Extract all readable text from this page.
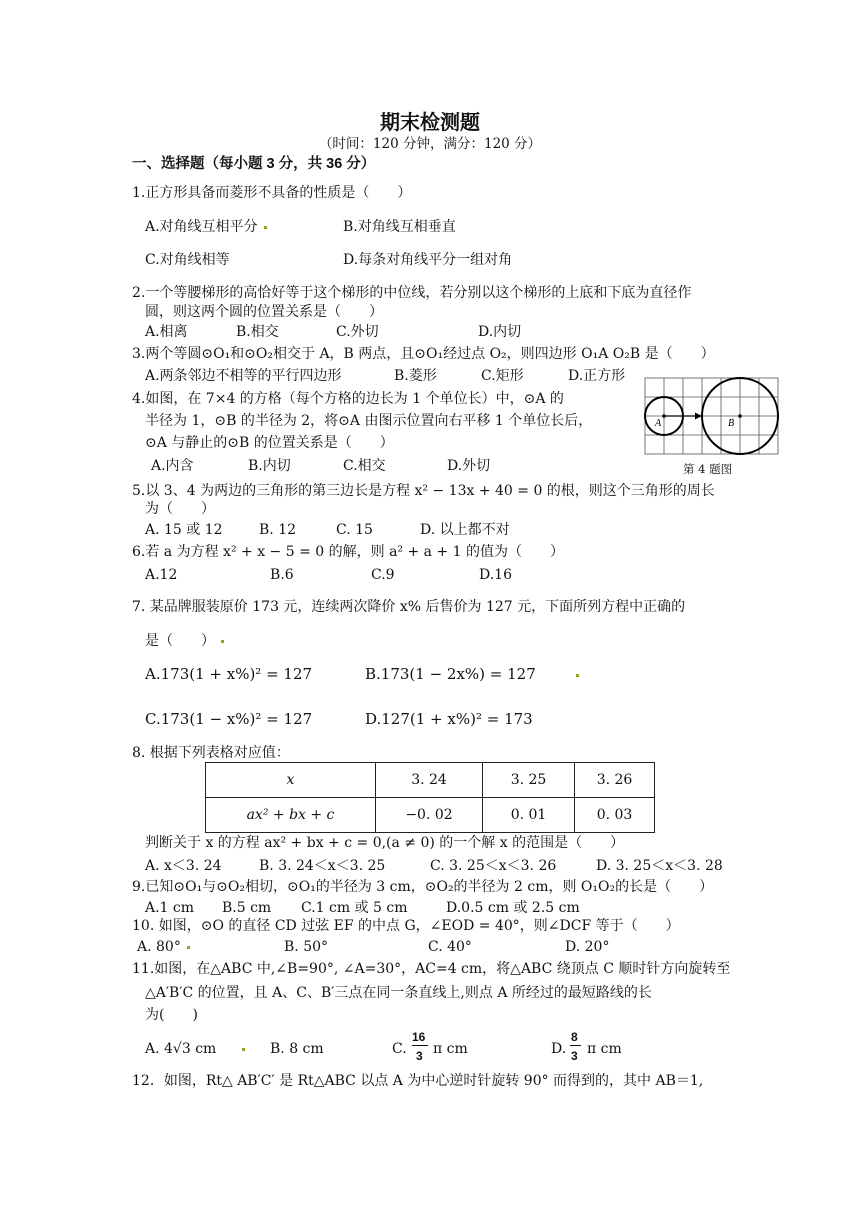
期末检测题
（时间：120 分钟，满分：120 分）
一、选择题（每小题 3 分，共 36 分）
1.正方形具备而菱形不具备的性质是（　　）
A.对角线互相平分	B.对角线互相垂直
C.对角线相等	D.每条对角线平分一组对角
2.一个等腰梯形的高恰好等于这个梯形的中位线，若分别以这个梯形的上底和下底为直径作
圆，则这两个圆的位置关系是（　　）
A.相离	B.相交	C.外切	D.内切
3.两个等圆⊙O₁和⊙O₂相交于 A，B 两点，且⊙O₁经过点 O₂，则四边形 O₁A O₂B 是（　　）
A.两条邻边不相等的平行四边形	B.菱形	C.矩形	D.正方形
4.如图，在 7×4 的方格（每个方格的边长为 1 个单位长）中，⊙A 的
半径为 1，⊙B 的半径为 2，将⊙A 由图示位置向右平移 1 个单位长后，
⊙A 与静止的⊙B 的位置关系是（　　）
A.内含	B.内切	C.相交	D.外切
A	B
第 4 题图
5.以 3、4 为两边的三角形的第三边长是方程 x² − 13x + 40 = 0 的根，则这个三角形的周长
为（　　）
A. 15 或 12	B. 12	C. 15	D. 以上都不对
6.若 a 为方程 x² + x − 5 = 0 的解，则 a² + a + 1 的值为（　　）
A.12	B.6	C.9	D.16
7. 某品牌服装原价 173 元，连续两次降价 x% 后售价为 127 元，下面所列方程中正确的
是（　　）
A.173(1 + x%)² = 127	B.173(1 − 2x%) = 127
C.173(1 − x%)² = 127	D.127(1 + x%)² = 173
8. 根据下列表格对应值：
x	3. 24	3. 25	3. 26
ax² + bx + c	−0. 02	0. 01	0. 03
判断关于 x 的方程 ax² + bx + c = 0,(a ≠ 0) 的一个解 x 的范围是（　　）
A. x＜3. 24	B. 3. 24＜x＜3. 25	C. 3. 25＜x＜3. 26	D. 3. 25＜x＜3. 28
9.已知⊙O₁与⊙O₂相切，⊙O₁的半径为 3 cm，⊙O₂的半径为 2 cm，则 O₁O₂的长是（　　）
A.1 cm B.5 cm C.1 cm 或 5 cm	D.0.5 cm 或 2.5 cm
10. 如图，⊙O 的直径 CD 过弦 EF 的中点 G，∠EOD = 40°，则∠DCF 等于（　　）
A. 80°	B. 50°	C. 40°	D. 20°
11.如图，在△ABC 中,∠B=90°, ∠A=30°，AC=4 cm，将△ABC 绕顶点 C 顺时针方向旋转至
△A′B′C 的位置，且 A、C、B′三点在同一条直线上,则点 A 所经过的最短路线的长
为(　　)
A. 4√3 cm	B. 8 cm	C.
16
3 π cm	D.
8
3 π cm
12．如图，Rt△ AB′C′ 是 Rt△ABC 以点 A 为中心逆时针旋转 90° 而得到的，其中 AB＝1,
